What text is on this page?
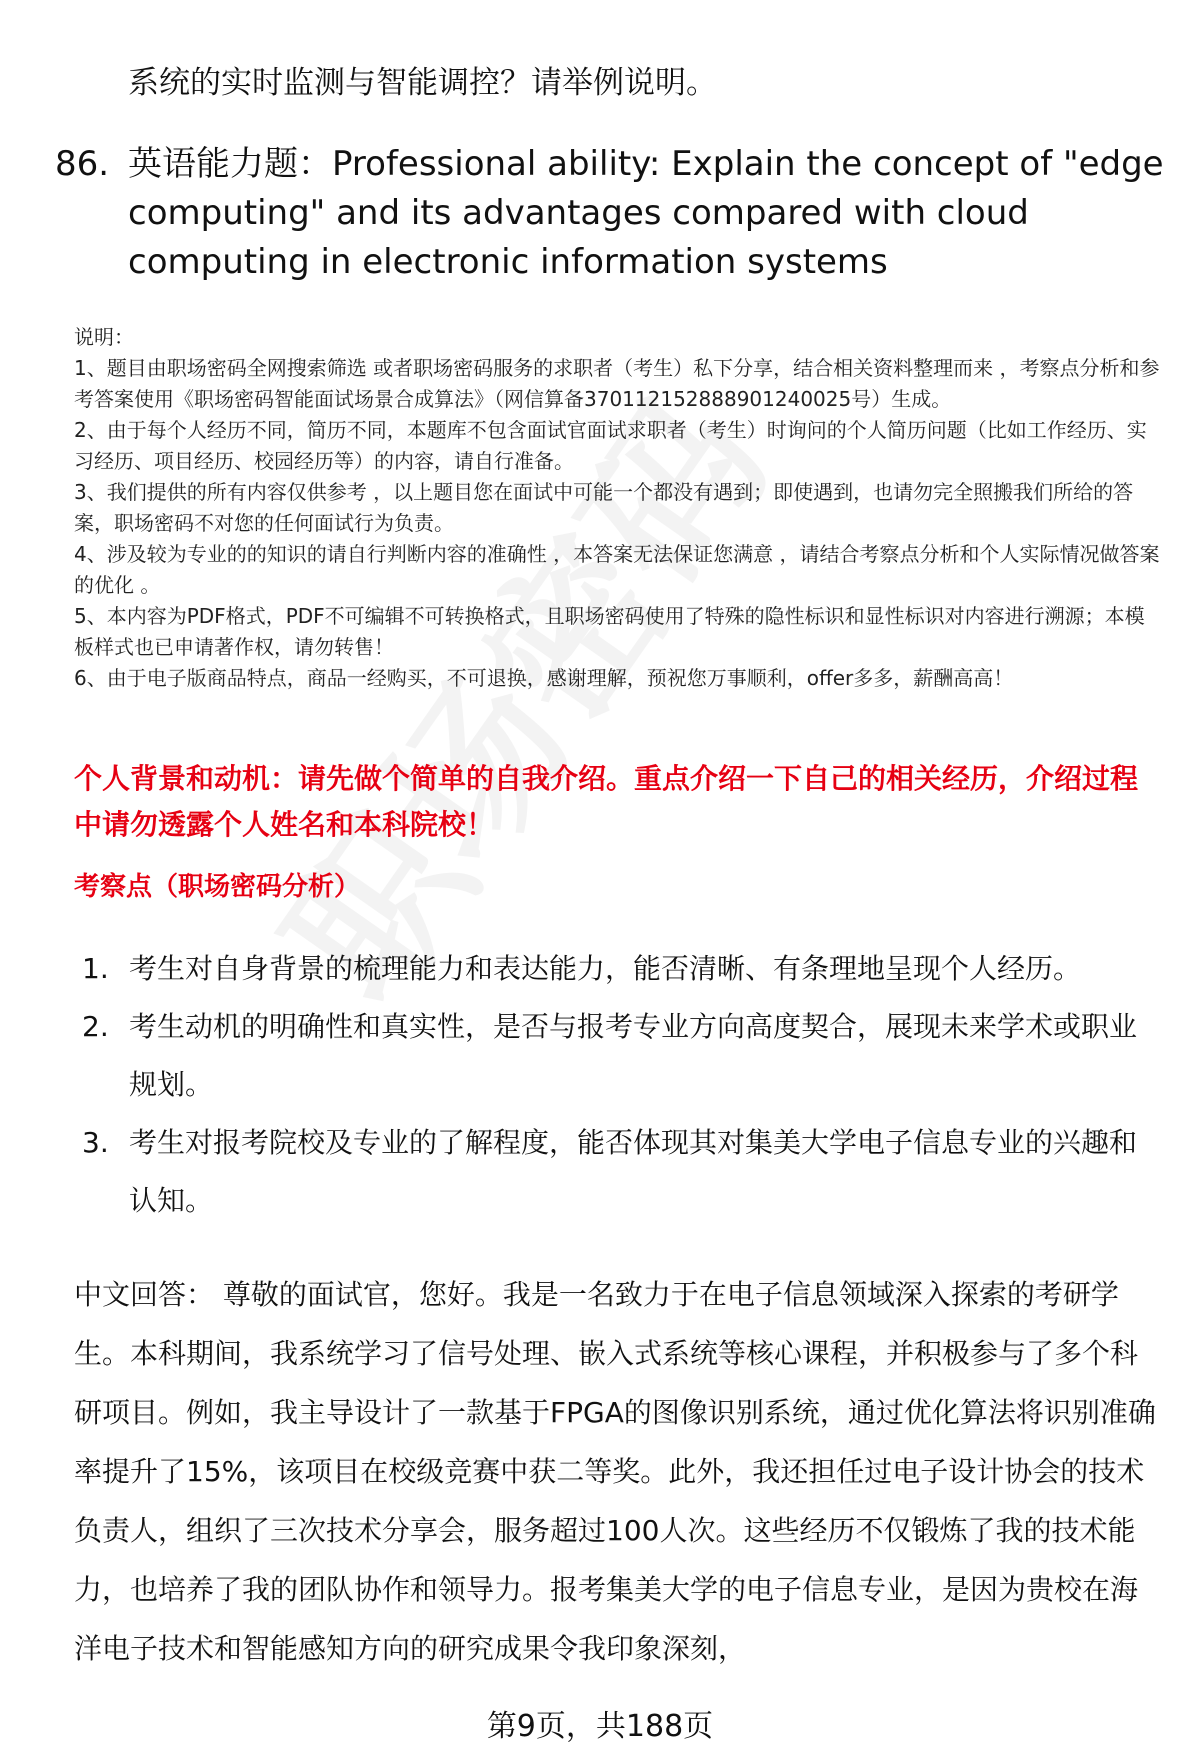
系统的实时监测与智能调控？请举例说明。

86. 英语能力题：Professional ability: Explain the concept of "edge computing" and its advantages compared with cloud computing in electronic information systems

说明：

1、题目由职场密码全网搜索筛选 或者职场密码服务的求职者（考生）私下分享，结合相关资料整理而来 ，考察点分析和参考答案使用《职场密码智能面试场景合成算法》（网信算备370112152888901240025号）生成。

2、由于每个人经历不同，简历不同，本题库不包含面试官面试求职者（考生）时询问的个人简历问题（比如工作经历、实习经历、项目经历、校园经历等）的内容，请自行准备。

3、我们提供的所有内容仅供参考 ，以上题目您在面试中可能一个都没有遇到；即使遇到，也请勿完全照搬我们所给的答案，职场密码不对您的任何面试行为负责。

4、涉及较为专业的的知识的请自行判断内容的准确性 ，本答案无法保证您满意 ，请结合考察点分析和个人实际情况做答案的优化 。

5、本内容为PDF格式，PDF不可编辑不可转换格式，且职场密码使用了特殊的隐性标识和显性标识对内容进行溯源；本模板样式也已申请著作权，请勿转售！

6、由于电子版商品特点，商品一经购买，不可退换，感谢理解，预祝您万事顺利，offer多多，薪酬高高！

个人背景和动机：请先做个简单的自我介绍。重点介绍一下自己的相关经历，介绍过程中请勿透露个人姓名和本科院校！

考察点（职场密码分析）

1. 考生对自身背景的梳理能力和表达能力，能否清晰、有条理地呈现个人经历。
2. 考生动机的明确性和真实性，是否与报考专业方向高度契合，展现未来学术或职业规划。
3. 考生对报考院校及专业的了解程度，能否体现其对集美大学电子信息专业的兴趣和认知。

中文回答： 尊敬的面试官，您好。我是一名致力于在电子信息领域深入探索的考研学生。本科期间，我系统学习了信号处理、嵌入式系统等核心课程，并积极参与了多个科研项目。例如，我主导设计了一款基于FPGA的图像识别系统，通过优化算法将识别准确率提升了15%，该项目在校级竞赛中获二等奖。此外，我还担任过电子设计协会的技术负责人，组织了三次技术分享会，服务超过100人次。这些经历不仅锻炼了我的技术能力，也培养了我的团队协作和领导力。报考集美大学的电子信息专业，是因为贵校在海洋电子技术和智能感知方向的研究成果令我印象深刻，

第9页，共188页
